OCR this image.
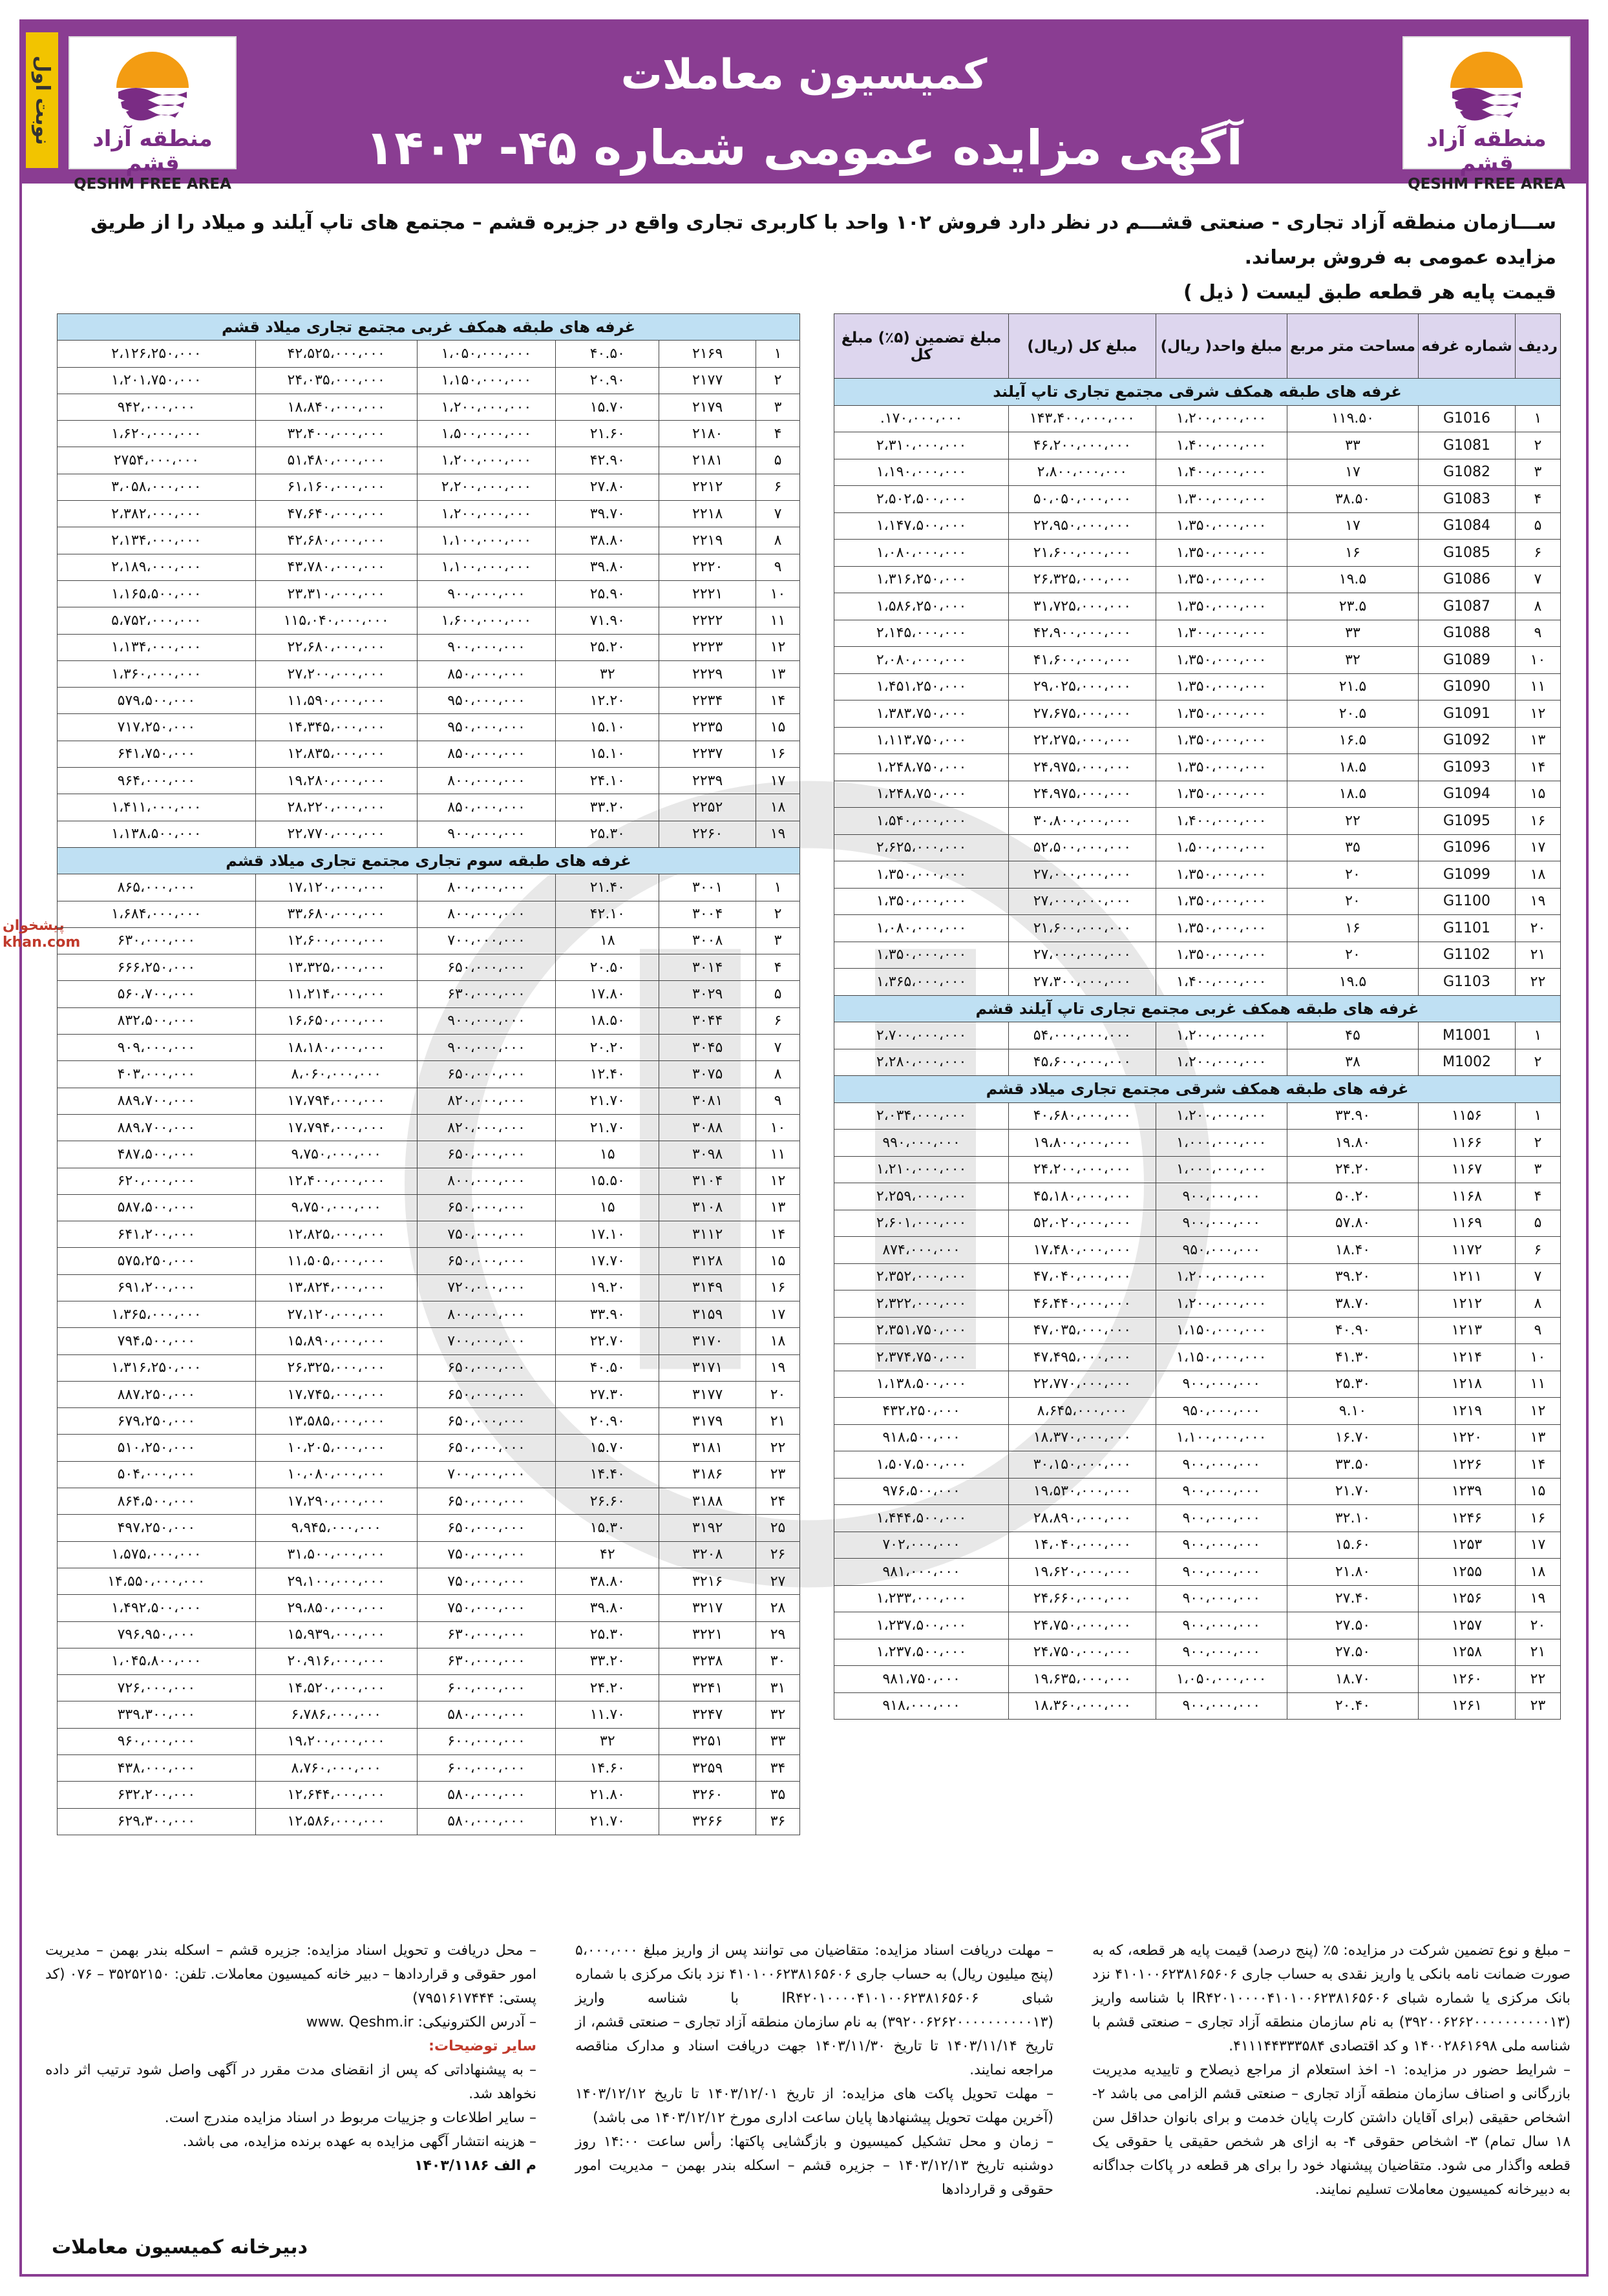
کمیسیون معاملات
آگهی مزایده عمومی شماره ۴۵- ۱۴۰۳	منطقه آزاد قشم
QESHM FREE AREA
منطقه آزاد قشم
QESHM FREE AREA
نوبت اول
ســـازمان منطقه آزاد تجاری - صنعتی قشـــم در نظر دارد فروش ۱۰۲ واحد با کاربری تجاری واقع در جزیره قشم – مجتمع های تاپ آیلند و میلاد را از طریق مزایده عمومی به فروش برساند.
قیمت پایه هر قطعه طبق لیست ( ذیل )
پیشخوان
khan.com
ردیف	شماره غرفه	مساحت متر مربع	مبلغ واحد( ریال)	مبلغ کل (ریال)	مبلغ تضمین (۵٪) مبلغ کل
غرفه های طبقه همکف شرقی مجتمع تجاری تاپ آیلند					
۱	G1016	۱۱۹.۵۰	۱،۲۰۰،۰۰۰،۰۰۰	۱۴۳،۴۰۰،۰۰۰،۰۰۰	۱۷۰،۰۰۰،۰۰۰.
۲	G1081	۳۳	۱،۴۰۰،۰۰۰،۰۰۰	۴۶،۲۰۰،۰۰۰،۰۰۰	۲،۳۱۰،۰۰۰،۰۰۰
۳	G1082	۱۷	۱،۴۰۰،۰۰۰،۰۰۰	۲،۸۰۰،۰۰۰،۰۰۰	۱،۱۹۰،۰۰۰،۰۰۰
۴	G1083	۳۸.۵۰	۱،۳۰۰،۰۰۰،۰۰۰	۵۰،۰۵۰،۰۰۰،۰۰۰	۲،۵۰۲،۵۰۰،۰۰۰
۵	G1084	۱۷	۱،۳۵۰،۰۰۰،۰۰۰	۲۲،۹۵۰،۰۰۰،۰۰۰	۱،۱۴۷،۵۰۰،۰۰۰
۶	G1085	۱۶	۱،۳۵۰،۰۰۰،۰۰۰	۲۱،۶۰۰،۰۰۰،۰۰۰	۱،۰۸۰،۰۰۰،۰۰۰
۷	G1086	۱۹.۵	۱،۳۵۰،۰۰۰،۰۰۰	۲۶،۳۲۵،۰۰۰،۰۰۰	۱،۳۱۶،۲۵۰،۰۰۰
۸	G1087	۲۳.۵	۱،۳۵۰،۰۰۰،۰۰۰	۳۱،۷۲۵،۰۰۰،۰۰۰	۱،۵۸۶،۲۵۰،۰۰۰
۹	G1088	۳۳	۱،۳۰۰،۰۰۰،۰۰۰	۴۲،۹۰۰،۰۰۰،۰۰۰	۲،۱۴۵،۰۰۰،۰۰۰
۱۰	G1089	۳۲	۱،۳۵۰،۰۰۰،۰۰۰	۴۱،۶۰۰،۰۰۰،۰۰۰	۲،۰۸۰،۰۰۰،۰۰۰
۱۱	G1090	۲۱.۵	۱،۳۵۰،۰۰۰،۰۰۰	۲۹،۰۲۵،۰۰۰،۰۰۰	۱،۴۵۱،۲۵۰،۰۰۰
۱۲	G1091	۲۰.۵	۱،۳۵۰،۰۰۰،۰۰۰	۲۷،۶۷۵،۰۰۰،۰۰۰	۱،۳۸۳،۷۵۰،۰۰۰
۱۳	G1092	۱۶.۵	۱،۳۵۰،۰۰۰،۰۰۰	۲۲،۲۷۵،۰۰۰،۰۰۰	۱،۱۱۳،۷۵۰،۰۰۰
۱۴	G1093	۱۸.۵	۱،۳۵۰،۰۰۰،۰۰۰	۲۴،۹۷۵،۰۰۰،۰۰۰	۱،۲۴۸،۷۵۰،۰۰۰
۱۵	G1094	۱۸.۵	۱،۳۵۰،۰۰۰،۰۰۰	۲۴،۹۷۵،۰۰۰،۰۰۰	۱،۲۴۸،۷۵۰،۰۰۰
۱۶	G1095	۲۲	۱،۴۰۰،۰۰۰،۰۰۰	۳۰،۸۰۰،۰۰۰،۰۰۰	۱،۵۴۰،۰۰۰،۰۰۰
۱۷	G1096	۳۵	۱،۵۰۰،۰۰۰،۰۰۰	۵۲،۵۰۰،۰۰۰،۰۰۰	۲،۶۲۵،۰۰۰،۰۰۰
۱۸	G1099	۲۰	۱،۳۵۰،۰۰۰،۰۰۰	۲۷،۰۰۰،۰۰۰،۰۰۰	۱،۳۵۰،۰۰۰،۰۰۰
۱۹	G1100	۲۰	۱،۳۵۰،۰۰۰،۰۰۰	۲۷،۰۰۰،۰۰۰،۰۰۰	۱،۳۵۰،۰۰۰،۰۰۰
۲۰	G1101	۱۶	۱،۳۵۰،۰۰۰،۰۰۰	۲۱،۶۰۰،۰۰۰،۰۰۰	۱،۰۸۰،۰۰۰،۰۰۰
۲۱	G1102	۲۰	۱،۳۵۰،۰۰۰،۰۰۰	۲۷،۰۰۰،۰۰۰،۰۰۰	۱،۳۵۰،۰۰۰،۰۰۰
۲۲	G1103	۱۹.۵	۱،۴۰۰،۰۰۰،۰۰۰	۲۷،۳۰۰،۰۰۰،۰۰۰	۱،۳۶۵،۰۰۰،۰۰۰
غرفه های طبقه همکف غربی مجتمع تجاری تاپ آیلند قشم					
۱	M1001	۴۵	۱،۲۰۰،۰۰۰،۰۰۰	۵۴،۰۰۰،۰۰۰،۰۰۰	۲،۷۰۰،۰۰۰،۰۰۰
۲	M1002	۳۸	۱،۲۰۰،۰۰۰،۰۰۰	۴۵،۶۰۰،۰۰۰،۰۰۰	۲،۲۸۰،۰۰۰،۰۰۰
غرفه های طبقه همکف شرقی مجتمع تجاری میلاد قشم					
۱	۱۱۵۶	۳۳.۹۰	۱،۲۰۰،۰۰۰،۰۰۰	۴۰،۶۸۰،۰۰۰،۰۰۰	۲،۰۳۴،۰۰۰،۰۰۰
۲	۱۱۶۶	۱۹.۸۰	۱،۰۰۰،۰۰۰،۰۰۰	۱۹،۸۰۰،۰۰۰،۰۰۰	۹۹۰،۰۰۰،۰۰۰
۳	۱۱۶۷	۲۴.۲۰	۱،۰۰۰،۰۰۰،۰۰۰	۲۴،۲۰۰،۰۰۰،۰۰۰	۱،۲۱۰،۰۰۰،۰۰۰
۴	۱۱۶۸	۵۰.۲۰	۹۰۰،۰۰۰،۰۰۰	۴۵،۱۸۰،۰۰۰،۰۰۰	۲،۲۵۹،۰۰۰،۰۰۰
۵	۱۱۶۹	۵۷.۸۰	۹۰۰،۰۰۰،۰۰۰	۵۲،۰۲۰،۰۰۰،۰۰۰	۲،۶۰۱،۰۰۰،۰۰۰
۶	۱۱۷۲	۱۸.۴۰	۹۵۰،۰۰۰،۰۰۰	۱۷،۴۸۰،۰۰۰،۰۰۰	۸۷۴،۰۰۰،۰۰۰
۷	۱۲۱۱	۳۹.۲۰	۱،۲۰۰،۰۰۰،۰۰۰	۴۷،۰۴۰،۰۰۰،۰۰۰	۲،۳۵۲،۰۰۰،۰۰۰
۸	۱۲۱۲	۳۸.۷۰	۱،۲۰۰،۰۰۰،۰۰۰	۴۶،۴۴۰،۰۰۰،۰۰۰	۲،۳۲۲،۰۰۰،۰۰۰
۹	۱۲۱۳	۴۰.۹۰	۱،۱۵۰،۰۰۰،۰۰۰	۴۷،۰۳۵،۰۰۰،۰۰۰	۲،۳۵۱،۷۵۰،۰۰۰
۱۰	۱۲۱۴	۴۱.۳۰	۱،۱۵۰،۰۰۰،۰۰۰	۴۷،۴۹۵،۰۰۰،۰۰۰	۲،۳۷۴،۷۵۰،۰۰۰
۱۱	۱۲۱۸	۲۵.۳۰	۹۰۰،۰۰۰،۰۰۰	۲۲،۷۷۰،۰۰۰،۰۰۰	۱،۱۳۸،۵۰۰،۰۰۰
۱۲	۱۲۱۹	۹.۱۰	۹۵۰،۰۰۰،۰۰۰	۸،۶۴۵،۰۰۰،۰۰۰	۴۳۲،۲۵۰،۰۰۰
۱۳	۱۲۲۰	۱۶.۷۰	۱،۱۰۰،۰۰۰،۰۰۰	۱۸،۳۷۰،۰۰۰،۰۰۰	۹۱۸،۵۰۰،۰۰۰
۱۴	۱۲۲۶	۳۳.۵۰	۹۰۰،۰۰۰،۰۰۰	۳۰،۱۵۰،۰۰۰،۰۰۰	۱،۵۰۷،۵۰۰،۰۰۰
۱۵	۱۲۳۹	۲۱.۷۰	۹۰۰،۰۰۰،۰۰۰	۱۹،۵۳۰،۰۰۰،۰۰۰	۹۷۶،۵۰۰،۰۰۰
۱۶	۱۲۴۶	۳۲.۱۰	۹۰۰،۰۰۰،۰۰۰	۲۸،۸۹۰،۰۰۰،۰۰۰	۱،۴۴۴،۵۰۰،۰۰۰
۱۷	۱۲۵۳	۱۵.۶۰	۹۰۰،۰۰۰،۰۰۰	۱۴،۰۴۰،۰۰۰،۰۰۰	۷۰۲،۰۰۰،۰۰۰
۱۸	۱۲۵۵	۲۱.۸۰	۹۰۰،۰۰۰،۰۰۰	۱۹،۶۲۰،۰۰۰،۰۰۰	۹۸۱،۰۰۰،۰۰۰
۱۹	۱۲۵۶	۲۷.۴۰	۹۰۰،۰۰۰،۰۰۰	۲۴،۶۶۰،۰۰۰،۰۰۰	۱،۲۳۳،۰۰۰،۰۰۰
۲۰	۱۲۵۷	۲۷.۵۰	۹۰۰،۰۰۰،۰۰۰	۲۴،۷۵۰،۰۰۰،۰۰۰	۱،۲۳۷،۵۰۰،۰۰۰
۲۱	۱۲۵۸	۲۷.۵۰	۹۰۰،۰۰۰،۰۰۰	۲۴،۷۵۰،۰۰۰،۰۰۰	۱،۲۳۷،۵۰۰،۰۰۰
۲۲	۱۲۶۰	۱۸.۷۰	۱،۰۵۰،۰۰۰،۰۰۰	۱۹،۶۳۵،۰۰۰،۰۰۰	۹۸۱،۷۵۰،۰۰۰
۲۳	۱۲۶۱	۲۰.۴۰	۹۰۰،۰۰۰،۰۰۰	۱۸،۳۶۰،۰۰۰،۰۰۰	۹۱۸،۰۰۰،۰۰۰
غرفه های طبقه همکف غربی مجتمع تجاری میلاد قشم					
۱	۲۱۶۹	۴۰.۵۰	۱،۰۵۰،۰۰۰،۰۰۰	۴۲،۵۲۵،۰۰۰،۰۰۰	۲،۱۲۶،۲۵۰،۰۰۰
۲	۲۱۷۷	۲۰.۹۰	۱،۱۵۰،۰۰۰،۰۰۰	۲۴،۰۳۵،۰۰۰،۰۰۰	۱،۲۰۱،۷۵۰،۰۰۰
۳	۲۱۷۹	۱۵.۷۰	۱،۲۰۰،۰۰۰،۰۰۰	۱۸،۸۴۰،۰۰۰،۰۰۰	۹۴۲،۰۰۰،۰۰۰
۴	۲۱۸۰	۲۱.۶۰	۱،۵۰۰،۰۰۰،۰۰۰	۳۲،۴۰۰،۰۰۰،۰۰۰	۱،۶۲۰،۰۰۰،۰۰۰
۵	۲۱۸۱	۴۲.۹۰	۱،۲۰۰،۰۰۰،۰۰۰	۵۱،۴۸۰،۰۰۰،۰۰۰	۲۷۵۴،۰۰۰،۰۰۰
۶	۲۲۱۲	۲۷.۸۰	۲،۲۰۰،۰۰۰،۰۰۰	۶۱،۱۶۰،۰۰۰،۰۰۰	۳،۰۵۸،۰۰۰،۰۰۰
۷	۲۲۱۸	۳۹.۷۰	۱،۲۰۰،۰۰۰،۰۰۰	۴۷،۶۴۰،۰۰۰،۰۰۰	۲،۳۸۲،۰۰۰،۰۰۰
۸	۲۲۱۹	۳۸.۸۰	۱،۱۰۰،۰۰۰،۰۰۰	۴۲،۶۸۰،۰۰۰،۰۰۰	۲،۱۳۴،۰۰۰،۰۰۰
۹	۲۲۲۰	۳۹.۸۰	۱،۱۰۰،۰۰۰،۰۰۰	۴۳،۷۸۰،۰۰۰،۰۰۰	۲،۱۸۹،۰۰۰،۰۰۰
۱۰	۲۲۲۱	۲۵.۹۰	۹۰۰،۰۰۰،۰۰۰	۲۳،۳۱۰،۰۰۰،۰۰۰	۱،۱۶۵،۵۰۰،۰۰۰
۱۱	۲۲۲۲	۷۱.۹۰	۱،۶۰۰،۰۰۰،۰۰۰	۱۱۵،۰۴۰،۰۰۰،۰۰۰	۵،۷۵۲،۰۰۰،۰۰۰
۱۲	۲۲۲۳	۲۵.۲۰	۹۰۰،۰۰۰،۰۰۰	۲۲،۶۸۰،۰۰۰،۰۰۰	۱،۱۳۴،۰۰۰،۰۰۰
۱۳	۲۲۲۹	۳۲	۸۵۰،۰۰۰،۰۰۰	۲۷،۲۰۰،۰۰۰،۰۰۰	۱،۳۶۰،۰۰۰،۰۰۰
۱۴	۲۲۳۴	۱۲.۲۰	۹۵۰،۰۰۰،۰۰۰	۱۱،۵۹۰،۰۰۰،۰۰۰	۵۷۹،۵۰۰،۰۰۰
۱۵	۲۲۳۵	۱۵.۱۰	۹۵۰،۰۰۰،۰۰۰	۱۴،۳۴۵،۰۰۰،۰۰۰	۷۱۷،۲۵۰،۰۰۰
۱۶	۲۲۳۷	۱۵.۱۰	۸۵۰،۰۰۰،۰۰۰	۱۲،۸۳۵،۰۰۰،۰۰۰	۶۴۱،۷۵۰،۰۰۰
۱۷	۲۲۳۹	۲۴.۱۰	۸۰۰،۰۰۰،۰۰۰	۱۹،۲۸۰،۰۰۰،۰۰۰	۹۶۴،۰۰۰،۰۰۰
۱۸	۲۲۵۲	۳۳.۲۰	۸۵۰،۰۰۰،۰۰۰	۲۸،۲۲۰،۰۰۰،۰۰۰	۱،۴۱۱،۰۰۰،۰۰۰
۱۹	۲۲۶۰	۲۵.۳۰	۹۰۰،۰۰۰،۰۰۰	۲۲،۷۷۰،۰۰۰،۰۰۰	۱،۱۳۸،۵۰۰،۰۰۰
غرفه های طبقه سوم تجاری مجتمع تجاری میلاد قشم					
۱	۳۰۰۱	۲۱.۴۰	۸۰۰،۰۰۰،۰۰۰	۱۷،۱۲۰،۰۰۰،۰۰۰	۸۶۵،۰۰۰،۰۰۰
۲	۳۰۰۴	۴۲.۱۰	۸۰۰،۰۰۰،۰۰۰	۳۳،۶۸۰،۰۰۰،۰۰۰	۱،۶۸۴،۰۰۰،۰۰۰
۳	۳۰۰۸	۱۸	۷۰۰،۰۰۰،۰۰۰	۱۲،۶۰۰،۰۰۰،۰۰۰	۶۳۰،۰۰۰،۰۰۰
۴	۳۰۱۴	۲۰.۵۰	۶۵۰،۰۰۰،۰۰۰	۱۳،۳۲۵،۰۰۰،۰۰۰	۶۶۶،۲۵۰،۰۰۰
۵	۳۰۲۹	۱۷.۸۰	۶۳۰،۰۰۰،۰۰۰	۱۱،۲۱۴،۰۰۰،۰۰۰	۵۶۰،۷۰۰،۰۰۰
۶	۳۰۴۴	۱۸.۵۰	۹۰۰،۰۰۰،۰۰۰	۱۶،۶۵۰،۰۰۰،۰۰۰	۸۳۲،۵۰۰،۰۰۰
۷	۳۰۴۵	۲۰.۲۰	۹۰۰،۰۰۰،۰۰۰	۱۸،۱۸۰،۰۰۰،۰۰۰	۹۰۹،۰۰۰،۰۰۰
۸	۳۰۷۵	۱۲.۴۰	۶۵۰،۰۰۰،۰۰۰	۸،۰۶۰،۰۰۰،۰۰۰	۴۰۳،۰۰۰،۰۰۰
۹	۳۰۸۱	۲۱.۷۰	۸۲۰،۰۰۰،۰۰۰	۱۷،۷۹۴،۰۰۰،۰۰۰	۸۸۹،۷۰۰،۰۰۰
۱۰	۳۰۸۸	۲۱.۷۰	۸۲۰،۰۰۰،۰۰۰	۱۷،۷۹۴،۰۰۰،۰۰۰	۸۸۹،۷۰۰،۰۰۰
۱۱	۳۰۹۸	۱۵	۶۵۰،۰۰۰،۰۰۰	۹،۷۵۰،۰۰۰،۰۰۰	۴۸۷،۵۰۰،۰۰۰
۱۲	۳۱۰۴	۱۵.۵۰	۸۰۰،۰۰۰،۰۰۰	۱۲،۴۰۰،۰۰۰،۰۰۰	۶۲۰،۰۰۰،۰۰۰
۱۳	۳۱۰۸	۱۵	۶۵۰،۰۰۰،۰۰۰	۹،۷۵۰،۰۰۰،۰۰۰	۵۸۷،۵۰۰،۰۰۰
۱۴	۳۱۱۲	۱۷.۱۰	۷۵۰،۰۰۰،۰۰۰	۱۲،۸۲۵،۰۰۰،۰۰۰	۶۴۱،۲۰۰،۰۰۰
۱۵	۳۱۲۸	۱۷.۷۰	۶۵۰،۰۰۰،۰۰۰	۱۱،۵۰۵،۰۰۰،۰۰۰	۵۷۵،۲۵۰،۰۰۰
۱۶	۳۱۴۹	۱۹.۲۰	۷۲۰،۰۰۰،۰۰۰	۱۳،۸۲۴،۰۰۰،۰۰۰	۶۹۱،۲۰۰،۰۰۰
۱۷	۳۱۵۹	۳۳.۹۰	۸۰۰،۰۰۰،۰۰۰	۲۷،۱۲۰،۰۰۰،۰۰۰	۱،۳۶۵،۰۰۰،۰۰۰
۱۸	۳۱۷۰	۲۲.۷۰	۷۰۰،۰۰۰،۰۰۰	۱۵،۸۹۰،۰۰۰،۰۰۰	۷۹۴،۵۰۰،۰۰۰
۱۹	۳۱۷۱	۴۰.۵۰	۶۵۰،۰۰۰،۰۰۰	۲۶،۳۲۵،۰۰۰،۰۰۰	۱،۳۱۶،۲۵۰،۰۰۰
۲۰	۳۱۷۷	۲۷.۳۰	۶۵۰،۰۰۰،۰۰۰	۱۷،۷۴۵،۰۰۰،۰۰۰	۸۸۷،۲۵۰،۰۰۰
۲۱	۳۱۷۹	۲۰.۹۰	۶۵۰،۰۰۰،۰۰۰	۱۳،۵۸۵،۰۰۰،۰۰۰	۶۷۹،۲۵۰،۰۰۰
۲۲	۳۱۸۱	۱۵.۷۰	۶۵۰،۰۰۰،۰۰۰	۱۰،۲۰۵،۰۰۰،۰۰۰	۵۱۰،۲۵۰،۰۰۰
۲۳	۳۱۸۶	۱۴.۴۰	۷۰۰،۰۰۰،۰۰۰	۱۰،۰۸۰،۰۰۰،۰۰۰	۵۰۴،۰۰۰،۰۰۰
۲۴	۳۱۸۸	۲۶.۶۰	۶۵۰،۰۰۰،۰۰۰	۱۷،۲۹۰،۰۰۰،۰۰۰	۸۶۴،۵۰۰،۰۰۰
۲۵	۳۱۹۲	۱۵.۳۰	۶۵۰،۰۰۰،۰۰۰	۹،۹۴۵،۰۰۰،۰۰۰	۴۹۷،۲۵۰،۰۰۰
۲۶	۳۲۰۸	۴۲	۷۵۰،۰۰۰،۰۰۰	۳۱،۵۰۰،۰۰۰،۰۰۰	۱،۵۷۵،۰۰۰،۰۰۰
۲۷	۳۲۱۶	۳۸.۸۰	۷۵۰،۰۰۰،۰۰۰	۲۹،۱۰۰،۰۰۰،۰۰۰	۱۴،۵۵۰،۰۰۰،۰۰۰
۲۸	۳۲۱۷	۳۹.۸۰	۷۵۰،۰۰۰،۰۰۰	۲۹،۸۵۰،۰۰۰،۰۰۰	۱،۴۹۲،۵۰۰،۰۰۰
۲۹	۳۲۲۱	۲۵.۳۰	۶۳۰،۰۰۰،۰۰۰	۱۵،۹۳۹،۰۰۰،۰۰۰	۷۹۶،۹۵۰،۰۰۰
۳۰	۳۲۳۸	۳۳.۲۰	۶۳۰،۰۰۰،۰۰۰	۲۰،۹۱۶،۰۰۰،۰۰۰	۱،۰۴۵،۸۰۰،۰۰۰
۳۱	۳۲۴۱	۲۴.۲۰	۶۰۰،۰۰۰،۰۰۰	۱۴،۵۲۰،۰۰۰،۰۰۰	۷۲۶،۰۰۰،۰۰۰
۳۲	۳۲۴۷	۱۱.۷۰	۵۸۰،۰۰۰،۰۰۰	۶،۷۸۶،۰۰۰،۰۰۰	۳۳۹،۳۰۰،۰۰۰
۳۳	۳۲۵۱	۳۲	۶۰۰،۰۰۰،۰۰۰	۱۹،۲۰۰،۰۰۰،۰۰۰	۹۶۰،۰۰۰،۰۰۰
۳۴	۳۲۵۹	۱۴.۶۰	۶۰۰،۰۰۰،۰۰۰	۸،۷۶۰،۰۰۰،۰۰۰	۴۳۸،۰۰۰،۰۰۰
۳۵	۳۲۶۰	۲۱.۸۰	۵۸۰،۰۰۰،۰۰۰	۱۲،۶۴۴،۰۰۰،۰۰۰	۶۳۲،۲۰۰،۰۰۰
۳۶	۳۲۶۶	۲۱.۷۰	۵۸۰،۰۰۰،۰۰۰	۱۲،۵۸۶،۰۰۰،۰۰۰	۶۲۹،۳۰۰،۰۰۰

– مبلغ و نوع تضمین شرکت در مزایده: ۵٪ (پنج درصد) قیمت پایه هر قطعه، که به صورت ضمانت نامه بانکی یا واریز نقدی به حساب جاری ۴۱۰۱۰۰۶۲۳۸۱۶۵۶۰۶ نزد بانک مرکزی یا شماره شبای IR۴۲۰۱۰۰۰۰۴۱۰۱۰۰۶۲۳۸۱۶۵۶۰۶ با شناسه واریز (۳۹۲۰۰۶۲۶۲۰۰۰۰۰۰۰۰۰۰۱۳) به نام سازمان منطقه آزاد تجاری – صنعتی قشم با شناسه ملی ۱۴۰۰۲۸۶۱۶۹۸ و کد اقتصادی ۴۱۱۱۴۴۳۳۳۵۸۴.

– شرایط حضور در مزایده: ۱- اخذ استعلام از مراجع ذیصلاح و تاییدیه مدیریت بازرگانی و اصناف سازمان منطقه آزاد تجاری – صنعتی قشم الزامی می باشد ۲- اشخاص حقیقی (برای آقایان داشتن کارت پایان خدمت و برای بانوان حداقل سن ۱۸ سال تمام) ۳- اشخاص حقوقی ۴- به ازای هر شخص حقیقی یا حقوقی یک قطعه واگذار می شود. متقاضیان پیشنهاد خود را برای هر قطعه در پاکات جداگانه به دبیرخانه کمیسیون معاملات تسلیم نمایند.

– مهلت دریافت اسناد مزایده: متقاضیان می توانند پس از واریز مبلغ ۵،۰۰۰،۰۰۰ (پنج میلیون ریال) به حساب جاری ۴۱۰۱۰۰۶۲۳۸۱۶۵۶۰۶ نزد بانک مرکزی با شماره شبای IR۴۲۰۱۰۰۰۰۴۱۰۱۰۰۶۲۳۸۱۶۵۶۰۶ با شناسه واریز (۳۹۲۰۰۶۲۶۲۰۰۰۰۰۰۰۰۰۰۱۳) به نام سازمان منطقه آزاد تجاری – صنعتی قشم، از تاریخ ۱۴۰۳/۱۱/۱۴ تا تاریخ ۱۴۰۳/۱۱/۳۰ جهت دریافت اسناد و مدارک مناقصه مراجعه نمایند.

– مهلت تحویل پاکت های مزایده: از تاریخ ۱۴۰۳/۱۲/۰۱ تا تاریخ ۱۴۰۳/۱۲/۱۲ (آخرین مهلت تحویل پیشنهادها پایان ساعت اداری مورخ ۱۴۰۳/۱۲/۱۲ می باشد)

– زمان و محل تشکیل کمیسیون و بازگشایی پاکتها: رأس ساعت ۱۴:۰۰ روز دوشنبه تاریخ ۱۴۰۳/۱۲/۱۳ – جزیره قشم – اسکله بندر بهمن – مدیریت امور حقوقی و قراردادها

– محل دریافت و تحویل اسناد مزایده: جزیره قشم – اسکله بندر بهمن – مدیریت امور حقوقی و قراردادها – دبیر خانه کمیسیون معاملات. تلفن: ۳۵۲۵۲۱۵۰ – ۰۷۶ (کد پستی: ۷۹۵۱۶۱۷۴۴۴)

– آدرس الکترونیکی: www. Qeshm.ir

سایر توضیحات:

– به پیشنهاداتی که پس از انقضای مدت مقرر در آگهی واصل شود ترتیب اثر داده نخواهد شد.

– سایر اطلاعات و جزییات مربوط در اسناد مزایده مندرج است.

– هزینه انتشار آگهی مزایده به عهده برنده مزایده، می باشد.

م الف ۱۴۰۳/۱۱۸۶

دبیرخانه کمیسیون معاملات
